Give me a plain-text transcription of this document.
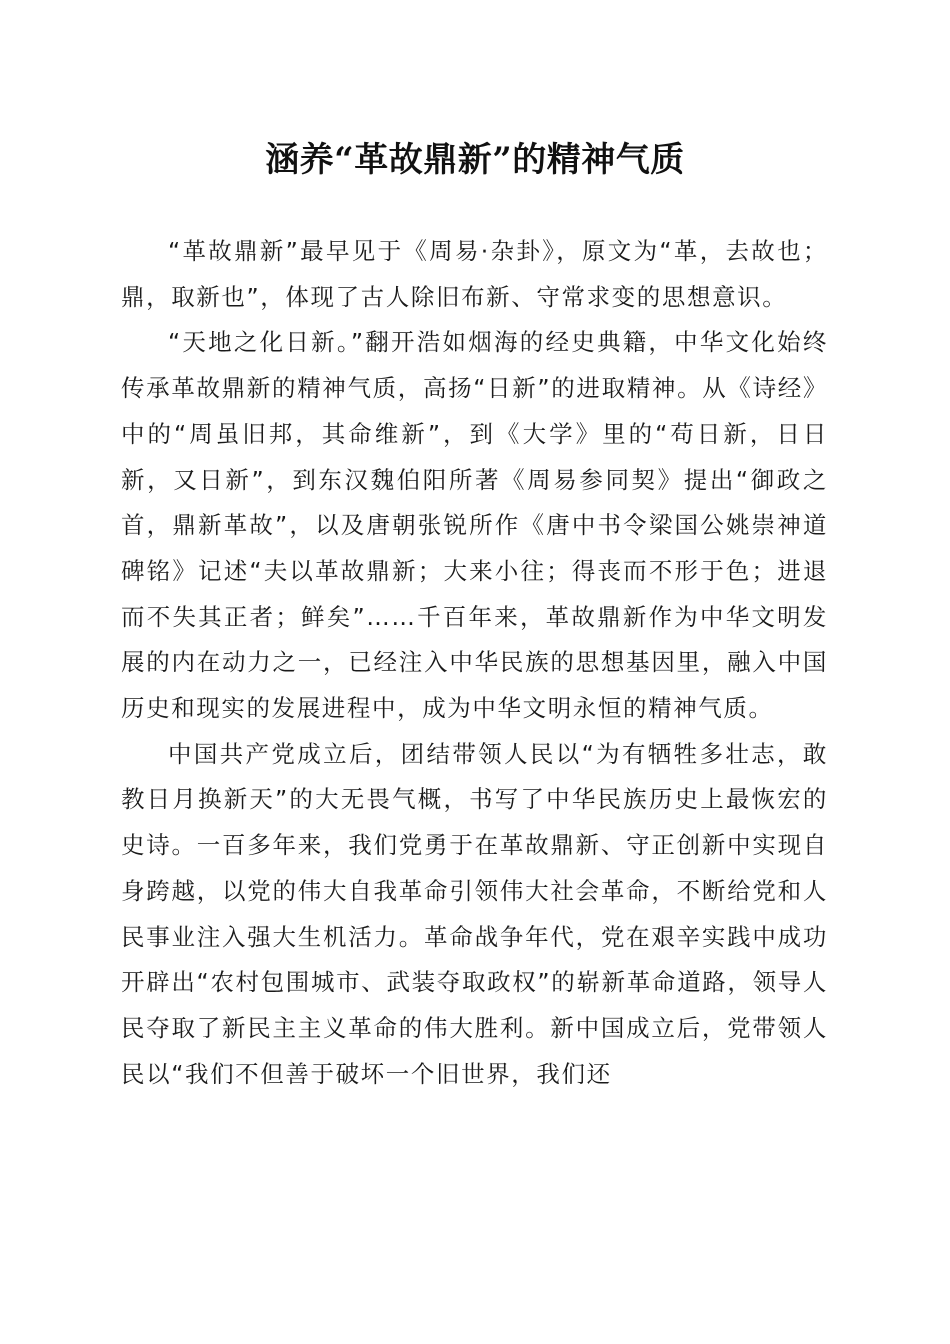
涵养“革故鼎新”的精神气质

“革故鼎新”最早见于《周易·杂卦》，原文为“革，去故也；鼎，取新也”，体现了古人除旧布新、守常求变的思想意识。

“天地之化日新。”翻开浩如烟海的经史典籍，中华文化始终传承革故鼎新的精神气质，高扬“日新”的进取精神。从《诗经》中的“周虽旧邦，其命维新”，到《大学》里的“苟日新，日日新，又日新”，到东汉魏伯阳所著《周易参同契》提出“御政之首，鼎新革故”，以及唐朝张锐所作《唐中书令梁国公姚崇神道碑铭》记述“夫以革故鼎新；大来小往；得丧而不形于色；进退而不失其正者；鲜矣”……千百年来，革故鼎新作为中华文明发展的内在动力之一，已经注入中华民族的思想基因里，融入中国历史和现实的发展进程中，成为中华文明永恒的精神气质。

中国共产党成立后，团结带领人民以“为有牺牲多壮志，敢教日月换新天”的大无畏气概，书写了中华民族历史上最恢宏的史诗。一百多年来，我们党勇于在革故鼎新、守正创新中实现自身跨越，以党的伟大自我革命引领伟大社会革命，不断给党和人民事业注入强大生机活力。革命战争年代，党在艰辛实践中成功开辟出“农村包围城市、武装夺取政权”的崭新革命道路，领导人民夺取了新民主主义革命的伟大胜利。新中国成立后，党带领人民以“我们不但善于破坏一个旧世界，我们还
